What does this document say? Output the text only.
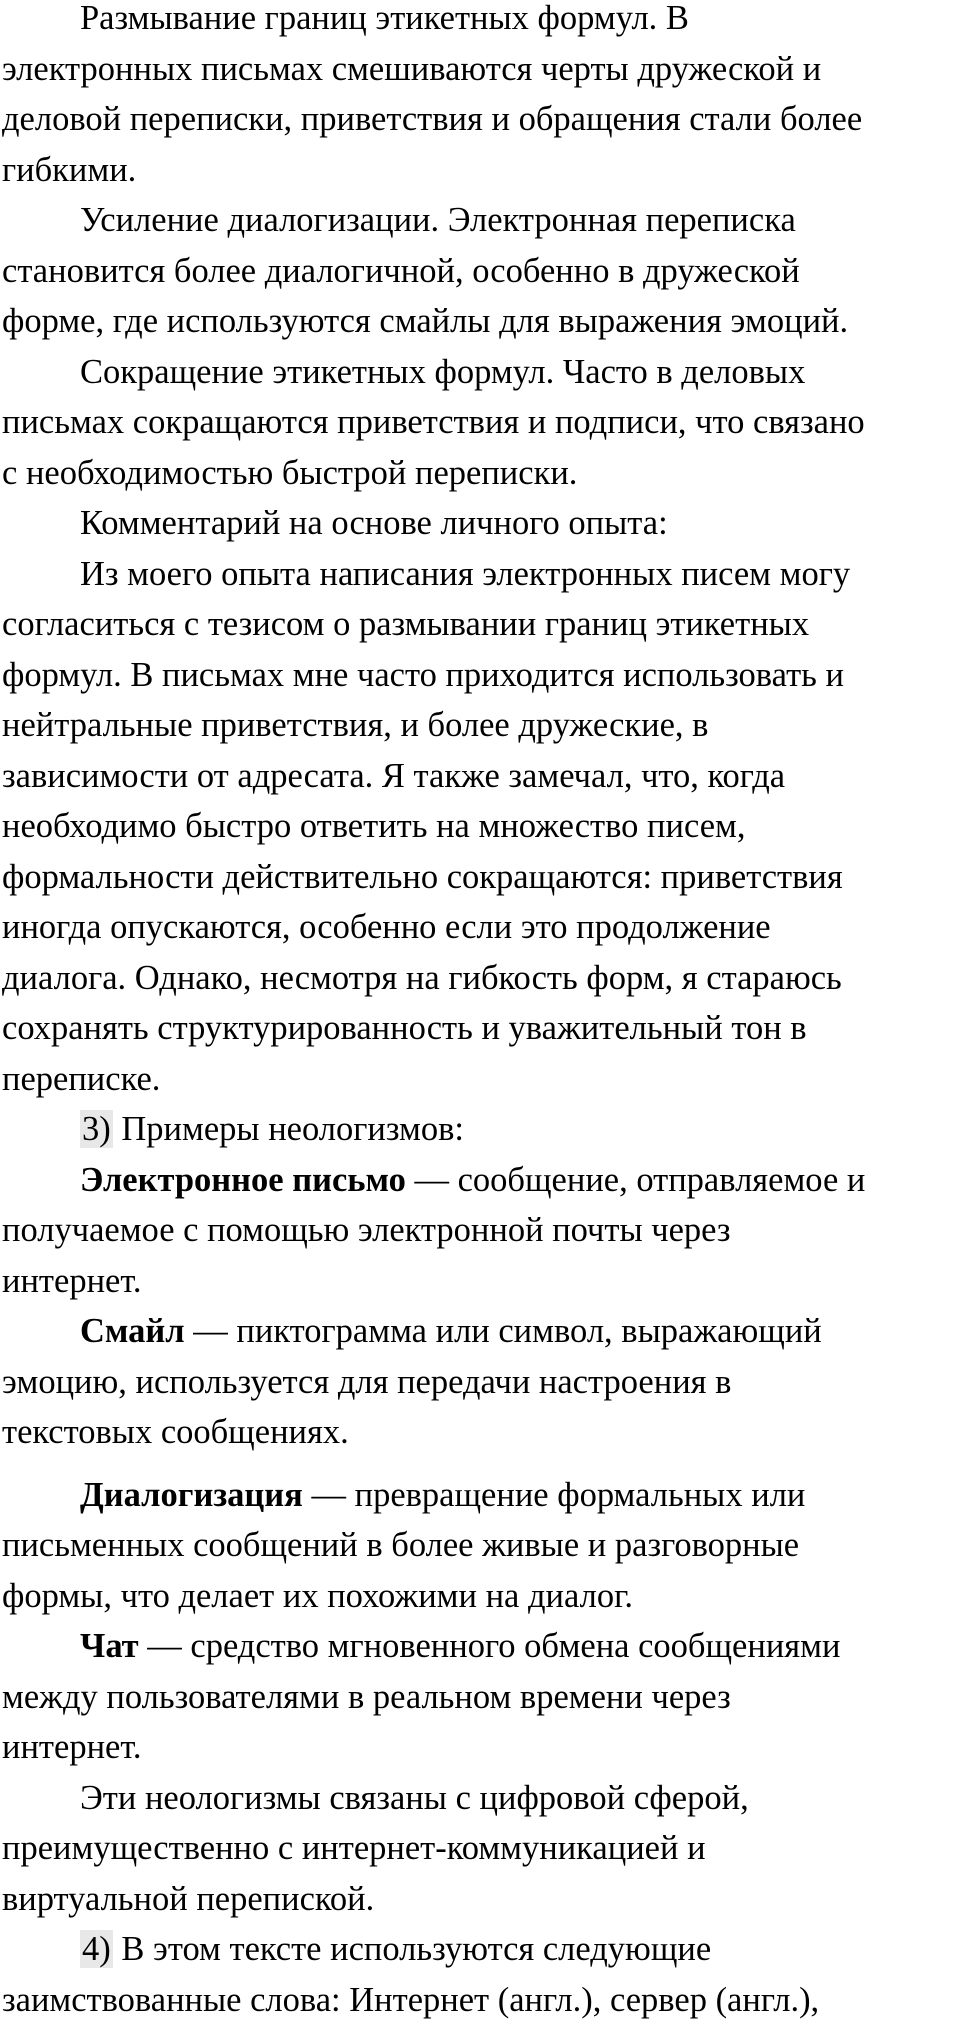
Размывание границ этикетных формул. В
электронных письмах смешиваются черты дружеской и
деловой переписки, приветствия и обращения стали более
гибкими.

Усиление диалогизации. Электронная переписка
становится более диалогичной, особенно в дружеской
форме, где используются смайлы для выражения эмоций.

Сокращение этикетных формул. Часто в деловых
письмах сокращаются приветствия и подписи, что связано
с необходимостью быстрой переписки.

Комментарий на основе личного опыта:

Из моего опыта написания электронных писем могу
согласиться с тезисом о размывании границ этикетных
формул. В письмах мне часто приходится использовать и
нейтральные приветствия, и более дружеские, в
зависимости от адресата. Я также замечал, что, когда
необходимо быстро ответить на множество писем,
формальности действительно сокращаются: приветствия
иногда опускаются, особенно если это продолжение
диалога. Однако, несмотря на гибкость форм, я стараюсь
сохранять структурированность и уважительный тон в
переписке.

3) Примеры неологизмов:

Электронное письмо — сообщение, отправляемое и
получаемое с помощью электронной почты через
интернет.

Смайл — пиктограмма или символ, выражающий
эмоцию, используется для передачи настроения в
текстовых сообщениях.

Диалогизация — превращение формальных или
письменных сообщений в более живые и разговорные
формы, что делает их похожими на диалог.

Чат — средство мгновенного обмена сообщениями
между пользователями в реальном времени через
интернет.

Эти неологизмы связаны с цифровой сферой,
преимущественно с интернет-коммуникацией и
виртуальной перепиской.

4) В этом тексте используются следующие
заимствованные слова: Интернет (англ.), сервер (англ.),
